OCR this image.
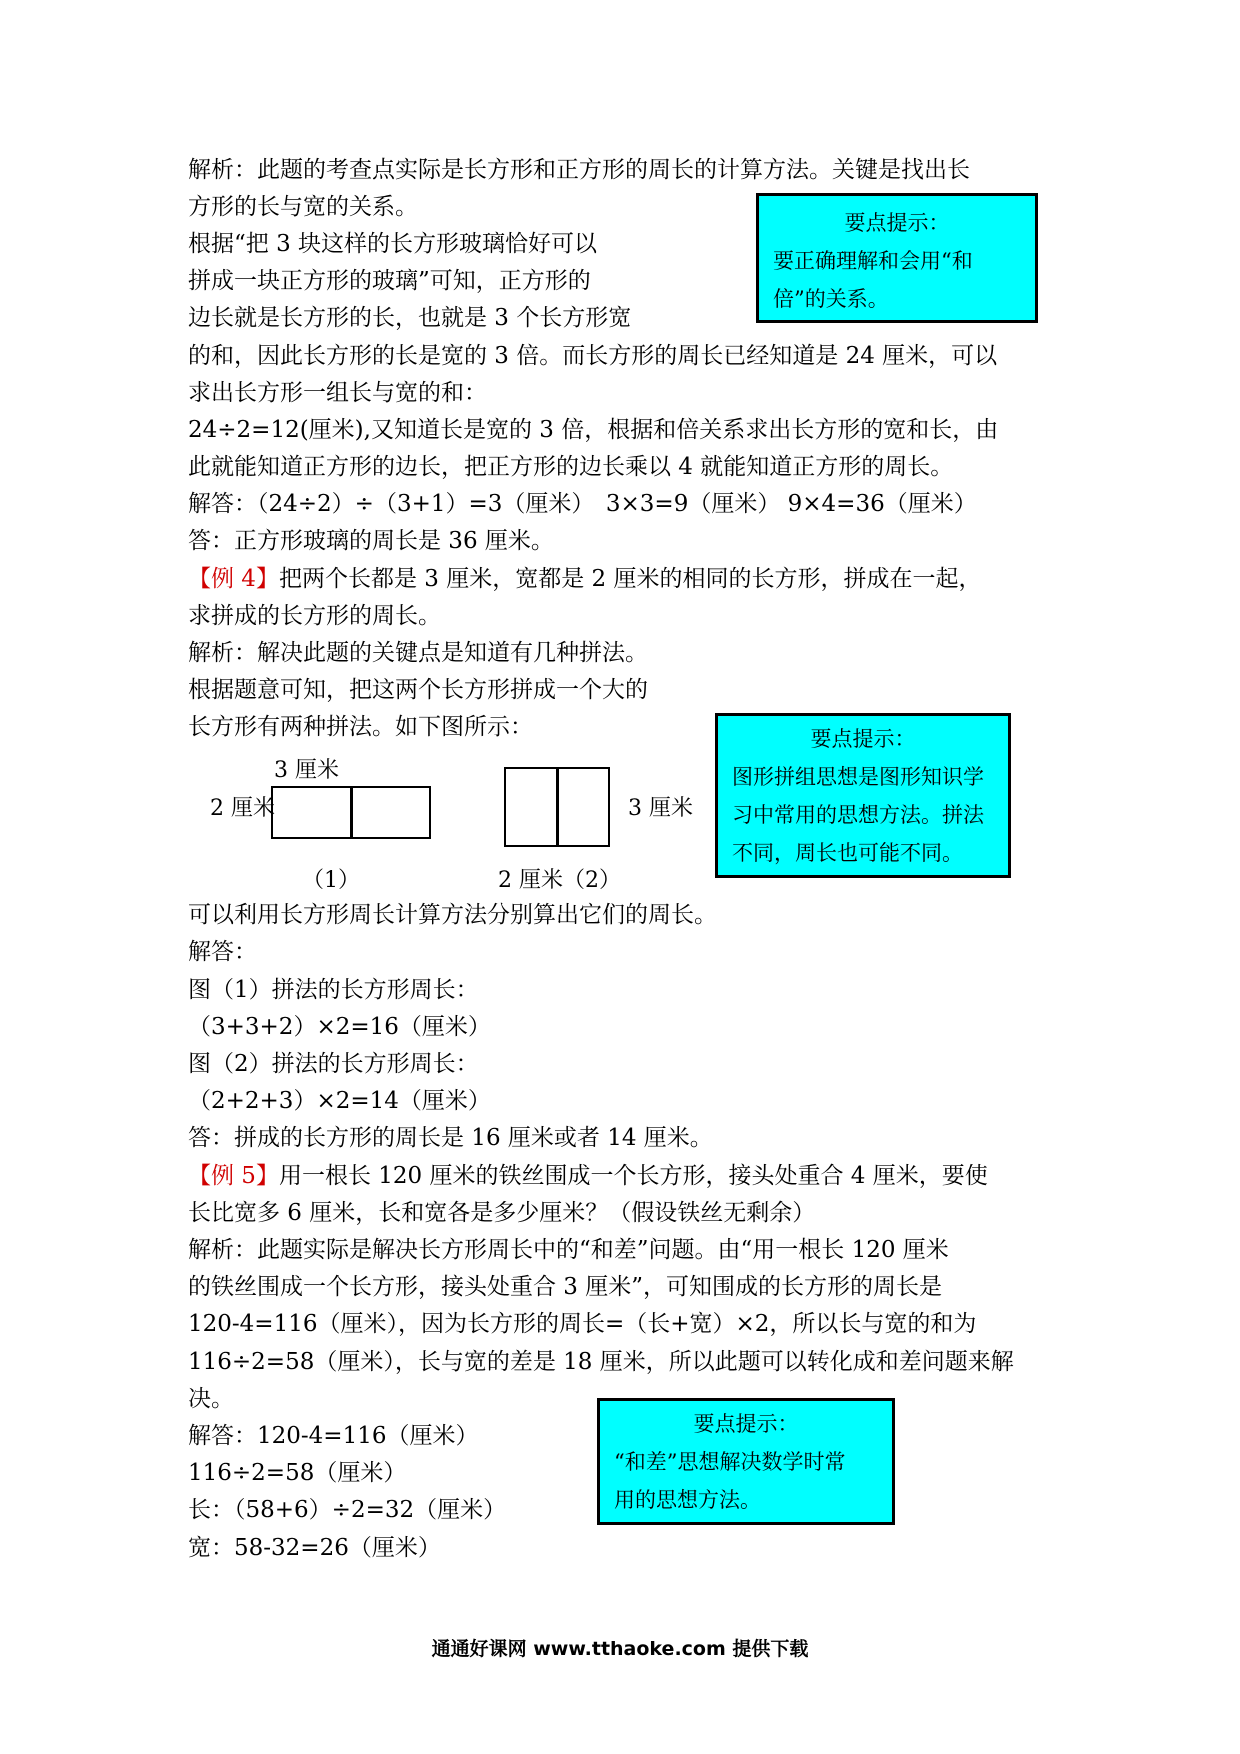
解析：此题的考查点实际是长方形和正方形的周长的计算方法。关键是找出长
方形的长与宽的关系。
根据“把 3 块这样的长方形玻璃恰好可以
拼成一块正方形的玻璃”可知，正方形的
边长就是长方形的长，也就是 3 个长方形宽
的和，因此长方形的长是宽的 3 倍。而长方形的周长已经知道是 24 厘米，可以
求出长方形一组长与宽的和：
24÷2=12(厘米),又知道长是宽的 3 倍，根据和倍关系求出长方形的宽和长，由
此就能知道正方形的边长，把正方形的边长乘以 4 就能知道正方形的周长。
解答：（24÷2）÷（3+1）=3（厘米）　3×3=9（厘米） 9×4=36（厘米）
答：正方形玻璃的周长是 36 厘米。
要点提示：
要正确理解和会用“和
倍”的关系。
【例 4】把两个长都是 3 厘米，宽都是 2 厘米的相同的长方形，拼成在一起，
求拼成的长方形的周长。
解析：解决此题的关键点是知道有几种拼法。
根据题意可知，把这两个长方形拼成一个大的
长方形有两种拼法。如下图所示：
3 厘米
2 厘米
（1）
3 厘米
2 厘米（2）
要点提示：
图形拼组思想是图形知识学
习中常用的思想方法。拼法
不同，周长也可能不同。
可以利用长方形周长计算方法分别算出它们的周长。
解答：
图（1）拼法的长方形周长：
（3+3+2）×2=16（厘米）
图（2）拼法的长方形周长：
（2+2+3）×2=14（厘米）
答：拼成的长方形的周长是 16 厘米或者 14 厘米。
【例 5】用一根长 120 厘米的铁丝围成一个长方形，接头处重合 4 厘米，要使
长比宽多 6 厘米，长和宽各是多少厘米？（假设铁丝无剩余）
解析：此题实际是解决长方形周长中的“和差”问题。由“用一根长 120 厘米
的铁丝围成一个长方形，接头处重合 3 厘米”，可知围成的长方形的周长是
120-4=116（厘米），因为长方形的周长=（长+宽）×2，所以长与宽的和为
116÷2=58（厘米），长与宽的差是 18 厘米，所以此题可以转化成和差问题来解
决。
解答：120-4=116（厘米）
116÷2=58（厘米）
长：（58+6）÷2=32（厘米）
宽：58-32=26（厘米）
要点提示：
“和差”思想解决数学时常
用的思想方法。
通通好课网 www.tthaoke.com 提供下载
